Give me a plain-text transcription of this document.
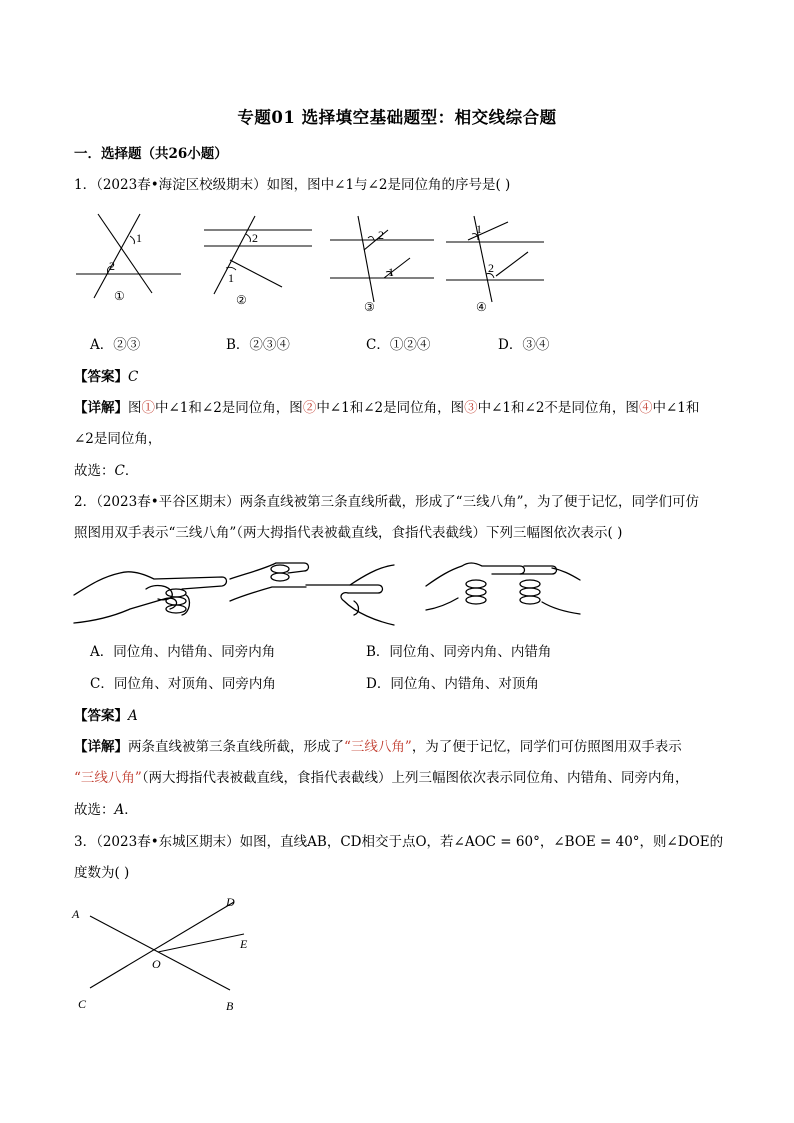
专题01 选择填空基础题型：相交线综合题
一．选择题（共26小题）
1．（2023春•海淀区校级期末）如图，图中∠1与∠2是同位角的序号是( )
1
2
①
2
1
②
2
1
③
1
2
④
A．②③	B．②③④	C．①②④	D．③④
【答案】C
【详解】图①中∠1和∠2是同位角，图②中∠1和∠2是同位角，图③中∠1和∠2不是同位角，图④中∠1和
∠2是同位角，
故选：C．
2．（2023春•平谷区期末）两条直线被第三条直线所截，形成了“三线八角”，为了便于记忆，同学们可仿
照图用双手表示“三线八角”（两大拇指代表被截直线，食指代表截线）下列三幅图依次表示( )
A．同位角、内错角、同旁内角	B．同位角、同旁内角、内错角
C．同位角、对顶角、同旁内角	D．同位角、内错角、对顶角
【答案】A
【详解】两条直线被第三条直线所截，形成了“三线八角”，为了便于记忆，同学们可仿照图用双手表示
“三线八角”（两大拇指代表被截直线，食指代表截线）上列三幅图依次表示同位角、内错角、同旁内角，
故选：A．
3．（2023春•东城区期末）如图，直线AB，CD相交于点O，若∠AOC = 60°，∠BOE = 40°，则∠DOE的
度数为( )
A
B
C
D
E
O
